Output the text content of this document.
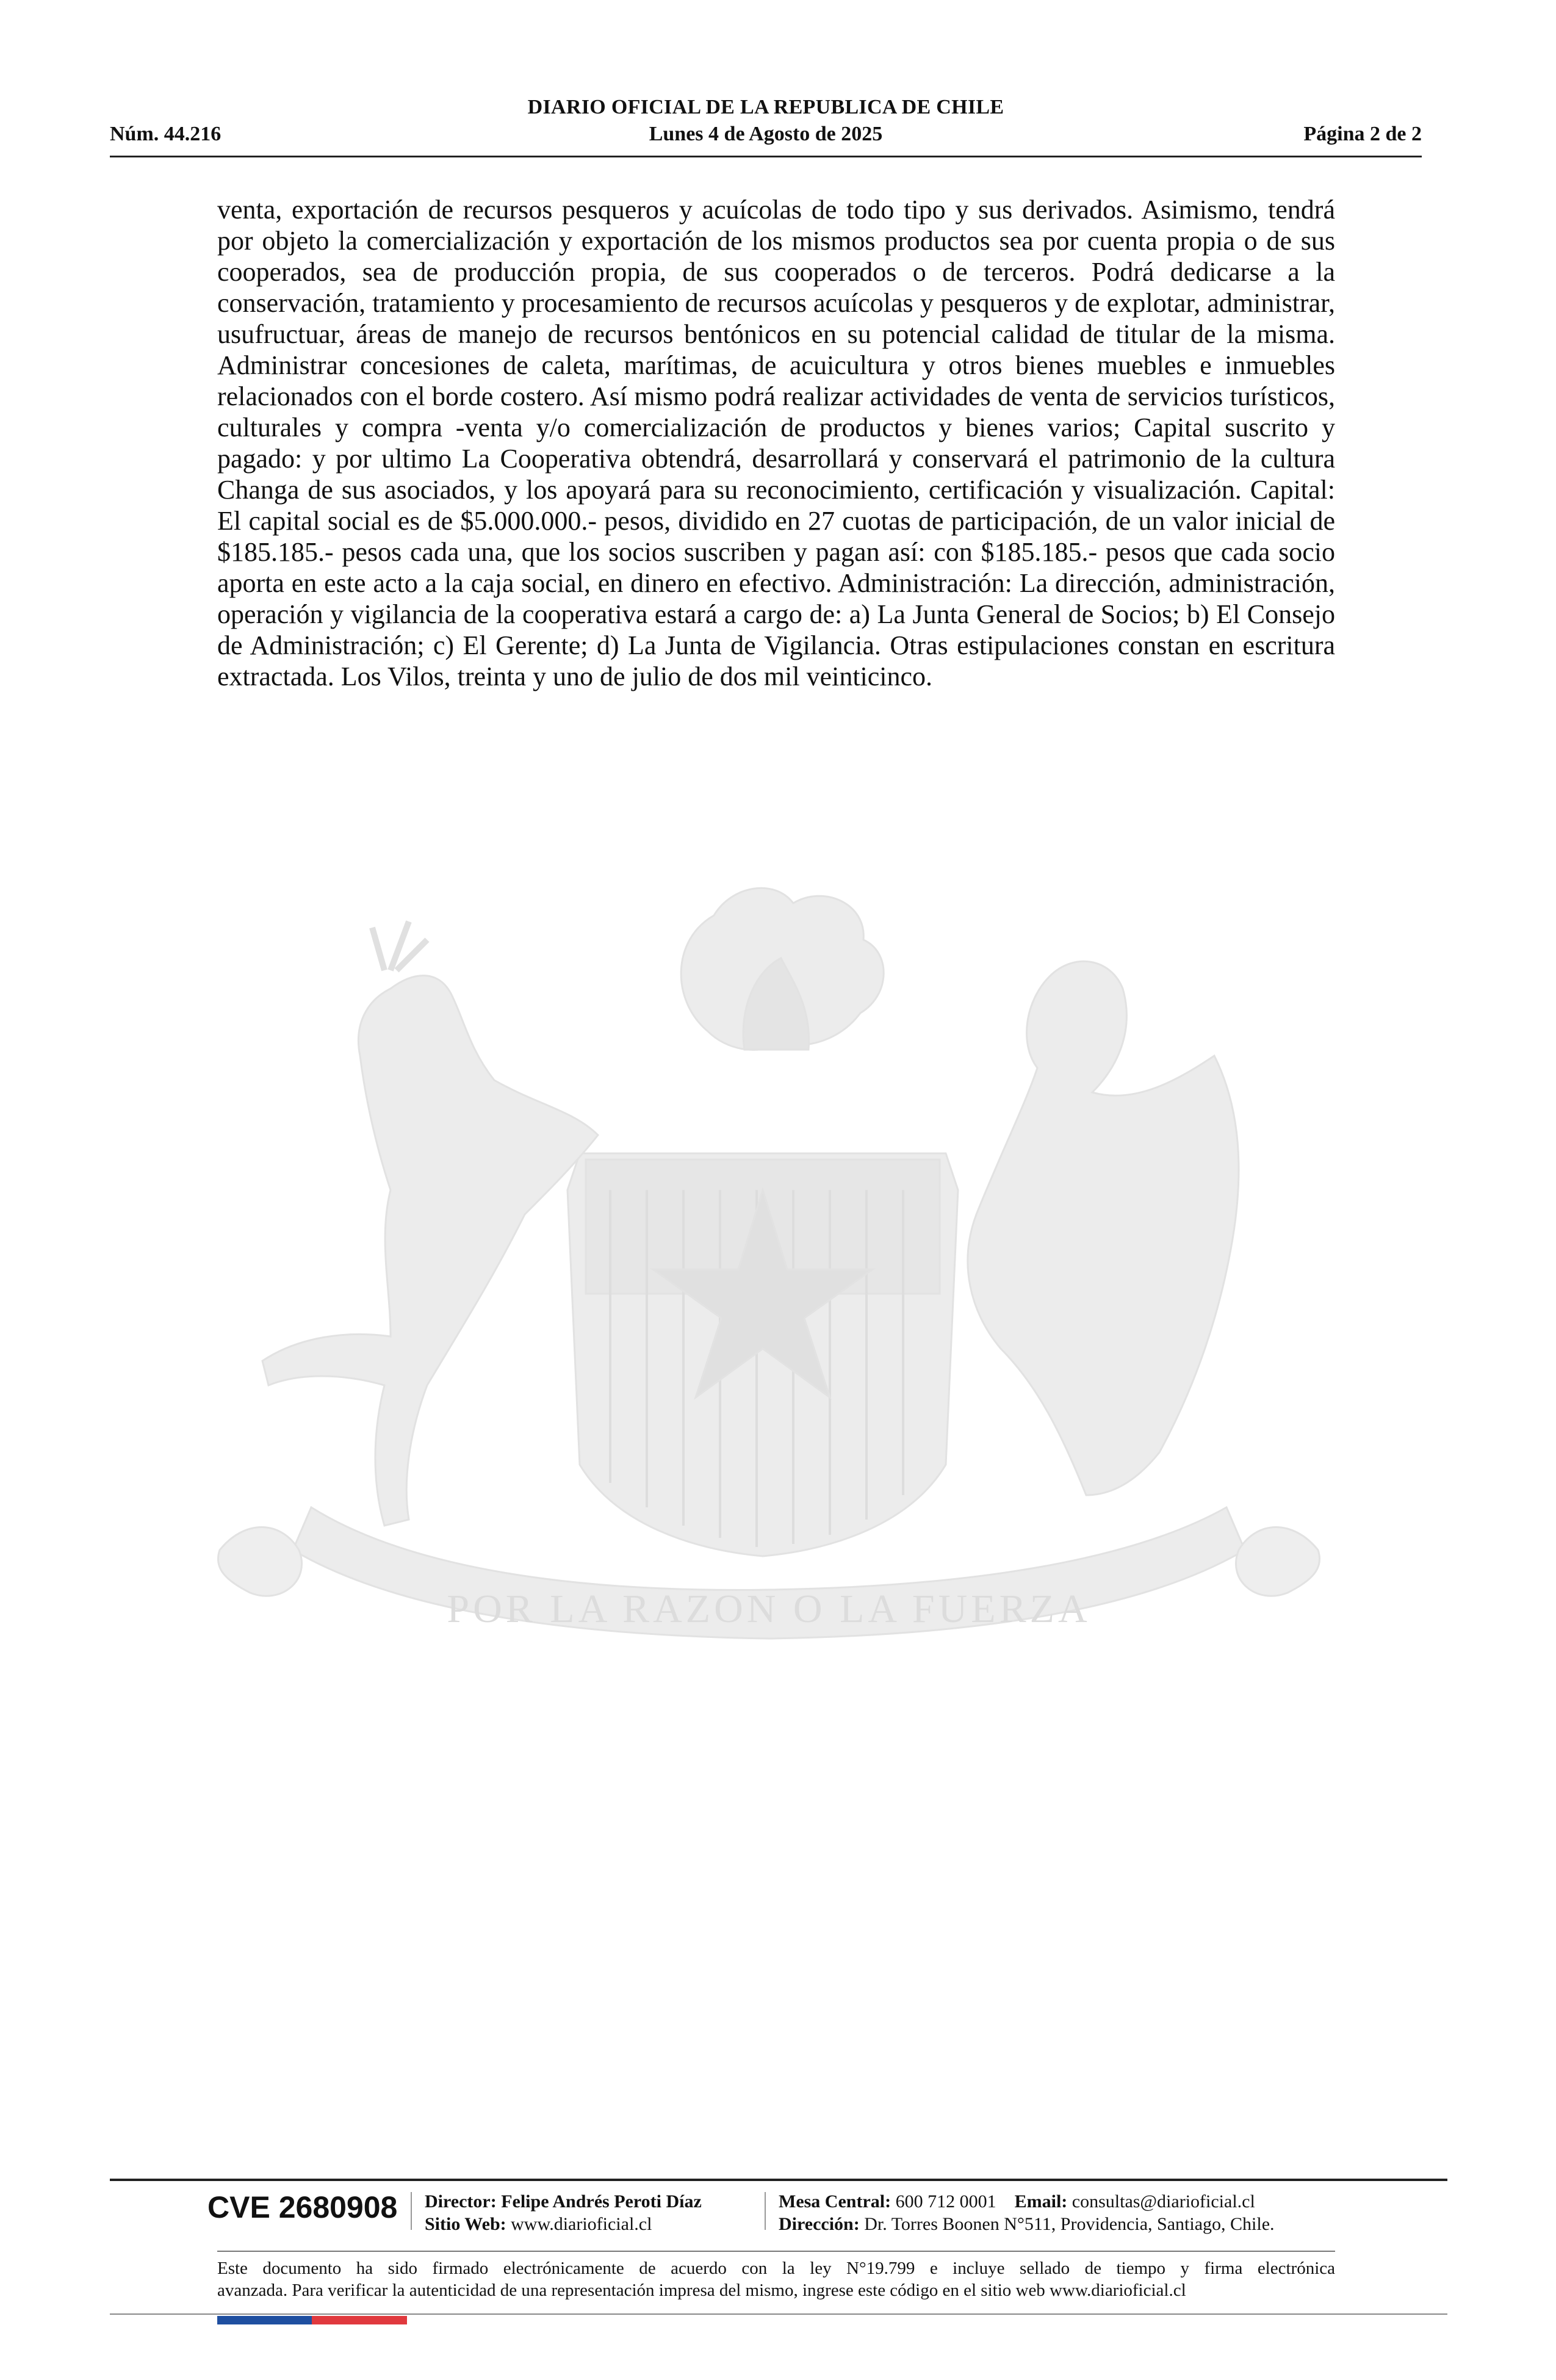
DIARIO OFICIAL DE LA REPUBLICA DE CHILE
Núm. 44.216	Lunes 4 de Agosto de 2025	Página 2 de 2
venta, exportación de recursos pesqueros y acuícolas de todo tipo y sus derivados. Asimismo, tendrá por objeto la comercialización y exportación de los mismos productos sea por cuenta propia o de sus cooperados, sea de producción propia, de sus cooperados o de terceros. Podrá dedicarse a la conservación, tratamiento y procesamiento de recursos acuícolas y pesqueros y de explotar, administrar, usufructuar, áreas de manejo de recursos bentónicos en su potencial calidad de titular de la misma. Administrar concesiones de caleta, marítimas, de acuicultura y otros bienes muebles e inmuebles relacionados con el borde costero. Así mismo podrá realizar actividades de venta de servicios turísticos, culturales y compra -venta y/o comercialización de productos y bienes varios; Capital suscrito y pagado: y por ultimo La Cooperativa obtendrá, desarrollará y conservará el patrimonio de la cultura Changa de sus asociados, y los apoyará para su reconocimiento, certificación y visualización. Capital: El capital social es de $5.000.000.- pesos, dividido en 27 cuotas de participación, de un valor inicial de $185.185.- pesos cada una, que los socios suscriben y pagan así: con $185.185.- pesos que cada socio aporta en este acto a la caja social, en dinero en efectivo. Administración: La dirección, administración, operación y vigilancia de la cooperativa estará a cargo de: a) La Junta General de Socios; b) El Consejo de Administración; c) El Gerente; d) La Junta de Vigilancia. Otras estipulaciones constan en escritura extractada. Los Vilos, treinta y uno de julio de dos mil veinticinco.
POR LA RAZON O LA FUERZA
CVE 2680908 Director: Felipe Andrés Peroti Díaz
Sitio Web: www.diarioficial.cl
Mesa Central: 600 712 0001 Email: consultas@diarioficial.cl
Dirección: Dr. Torres Boonen N°511, Providencia, Santiago, Chile.
Este documento ha sido firmado electrónicamente de acuerdo con la ley N°19.799 e incluye sellado de tiempo y firma electrónica
avanzada. Para verificar la autenticidad de una representación impresa del mismo, ingrese este código en el sitio web www.diarioficial.cl
